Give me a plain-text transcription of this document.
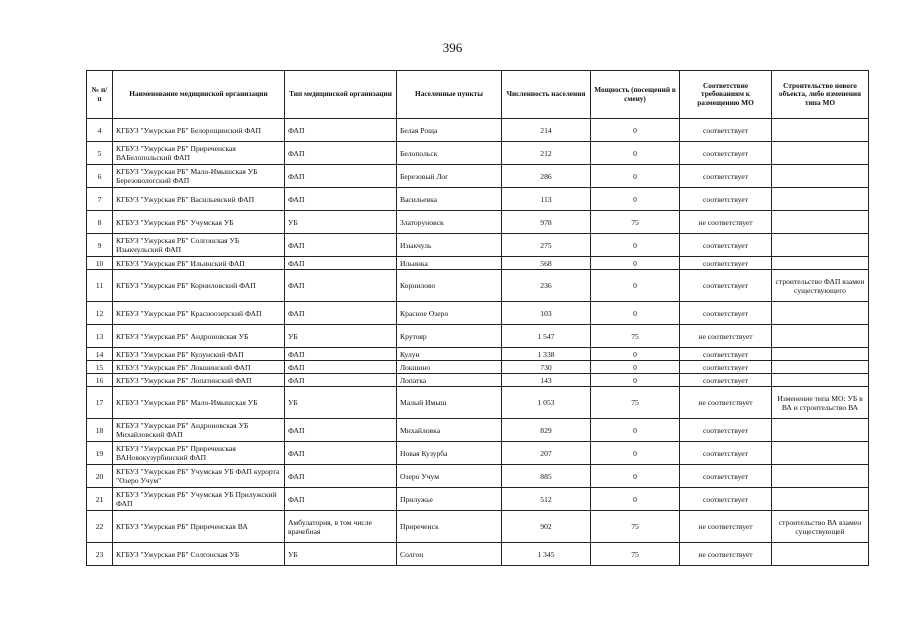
396
№ п/п	Наименование медицинской организации	Тип медицинской организации	Населенные пункты	Численность населения	Мощность (посещений в смену)	Соответствие требованиям к размещению МО	Строительство нового объекта, либо изменения типа МО
4	КГБУЗ "Ужурская РБ" Белорощинский ФАП	ФАП	Белая Роща	214	0	соответствует	
5	КГБУЗ "Ужурская РБ" Приреченская ВАБелопольский ФАП	ФАП	Белопольск	212	0	соответствует	
6	КГБУЗ "Ужурская РБ" Мало-Имышская УБ Березовологский ФАП	ФАП	Березовый Лог	286	0	соответствует	
7	КГБУЗ "Ужурская РБ" Васильевский ФАП	ФАП	Васильевка	113	0	соответствует	
8	КГБУЗ "Ужурская РБ" Учумская УБ	УБ	Златоруновск	978	75	не соответствует	
9	КГБУЗ "Ужурская РБ" Солгонская УБ Изыкчульский ФАП	ФАП	Изыкчуль	275	0	соответствует	
10	КГБУЗ "Ужурская РБ" Ильинский ФАП	ФАП	Ильинка	568	0	соответствует	
11	КГБУЗ "Ужурская РБ" Корниловский ФАП	ФАП	Корнилово	236	0	соответствует	строительство ФАП взамен существующего
12	КГБУЗ "Ужурская РБ" Красноозерский ФАП	ФАП	Красное Озеро	103	0	соответствует	
13	КГБУЗ "Ужурская РБ" Андроновская УБ	УБ	Крутояр	1 547	75	не соответствует	
14	КГБУЗ "Ужурская РБ" Кулунский ФАП	ФАП	Кулун	1 338	0	соответствует	
15	КГБУЗ "Ужурская РБ" Локшинский ФАП	ФАП	Локшино	730	0	соответствует	
16	КГБУЗ "Ужурская РБ" Лопатинский ФАП	ФАП	Лопатка	143	0	соответствует	
17	КГБУЗ "Ужурская РБ" Мало-Имышская УБ	УБ	Малый Имыш	1 053	75	не соответствует	Изменение типа МО: УБ в ВА и строительство ВА
18	КГБУЗ "Ужурская РБ" Андроновская УБ Михайловский ФАП	ФАП	Михайловка	829	0	соответствует	
19	КГБУЗ "Ужурская РБ" Приреченская ВАНовокузурбинский ФАП	ФАП	Новая Кузурба	207	0	соответствует	
20	КГБУЗ "Ужурская РБ" Учумская УБ ФАП курорта "Озеро Учум"	ФАП	Озеро Учум	885	0	соответствует	
21	КГБУЗ "Ужурская РБ" Учумская УБ Прилужский ФАП	ФАП	Прилужье	512	0	соответствует	
22	КГБУЗ "Ужурская РБ" Приреченская ВА	Амбулатория, в том числе врачебная	Приреченск	902	75	не соответствует	строительство ВА взамен существующей
23	КГБУЗ "Ужурская РБ" Солгонская УБ	УБ	Солгон	1 345	75	не соответствует	
